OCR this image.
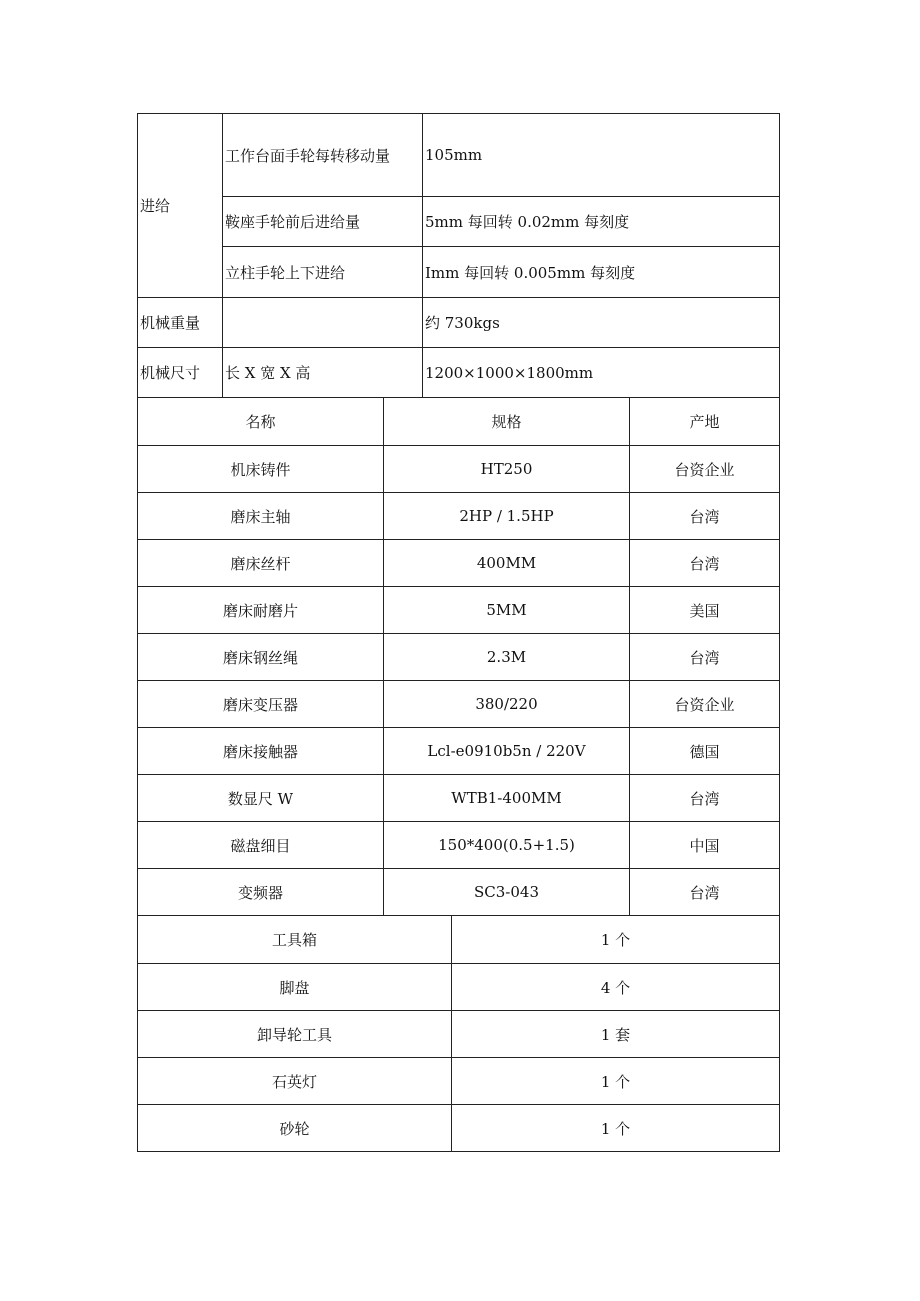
进给	工作台面手轮每转移动量	105mm
	鞍座手轮前后进给量	5mm 每回转 0.02mm 每刻度
	立柱手轮上下进给	Imm 每回转 0.005mm 每刻度
机械重量		约 730kgs
机械尺寸	长 X 宽 X 高	1200×1000×1800mm
名称	规格	产地
机床铸件	HT250	台资企业
磨床主轴	2HP / 1.5HP	台湾
磨床丝杆	400MM	台湾
磨床耐磨片	5MM	美国
磨床钢丝绳	2.3M	台湾
磨床变压器	380/220	台资企业
磨床接触器	Lcl-e0910b5n / 220V	德国
数显尺 W	WTB1-400MM	台湾
磁盘细目	150*400(0.5+1.5)	中国
变频器	SC3-043	台湾
工具箱	1 个
脚盘	4 个
卸导轮工具	1 套
石英灯	1 个
砂轮	1 个
